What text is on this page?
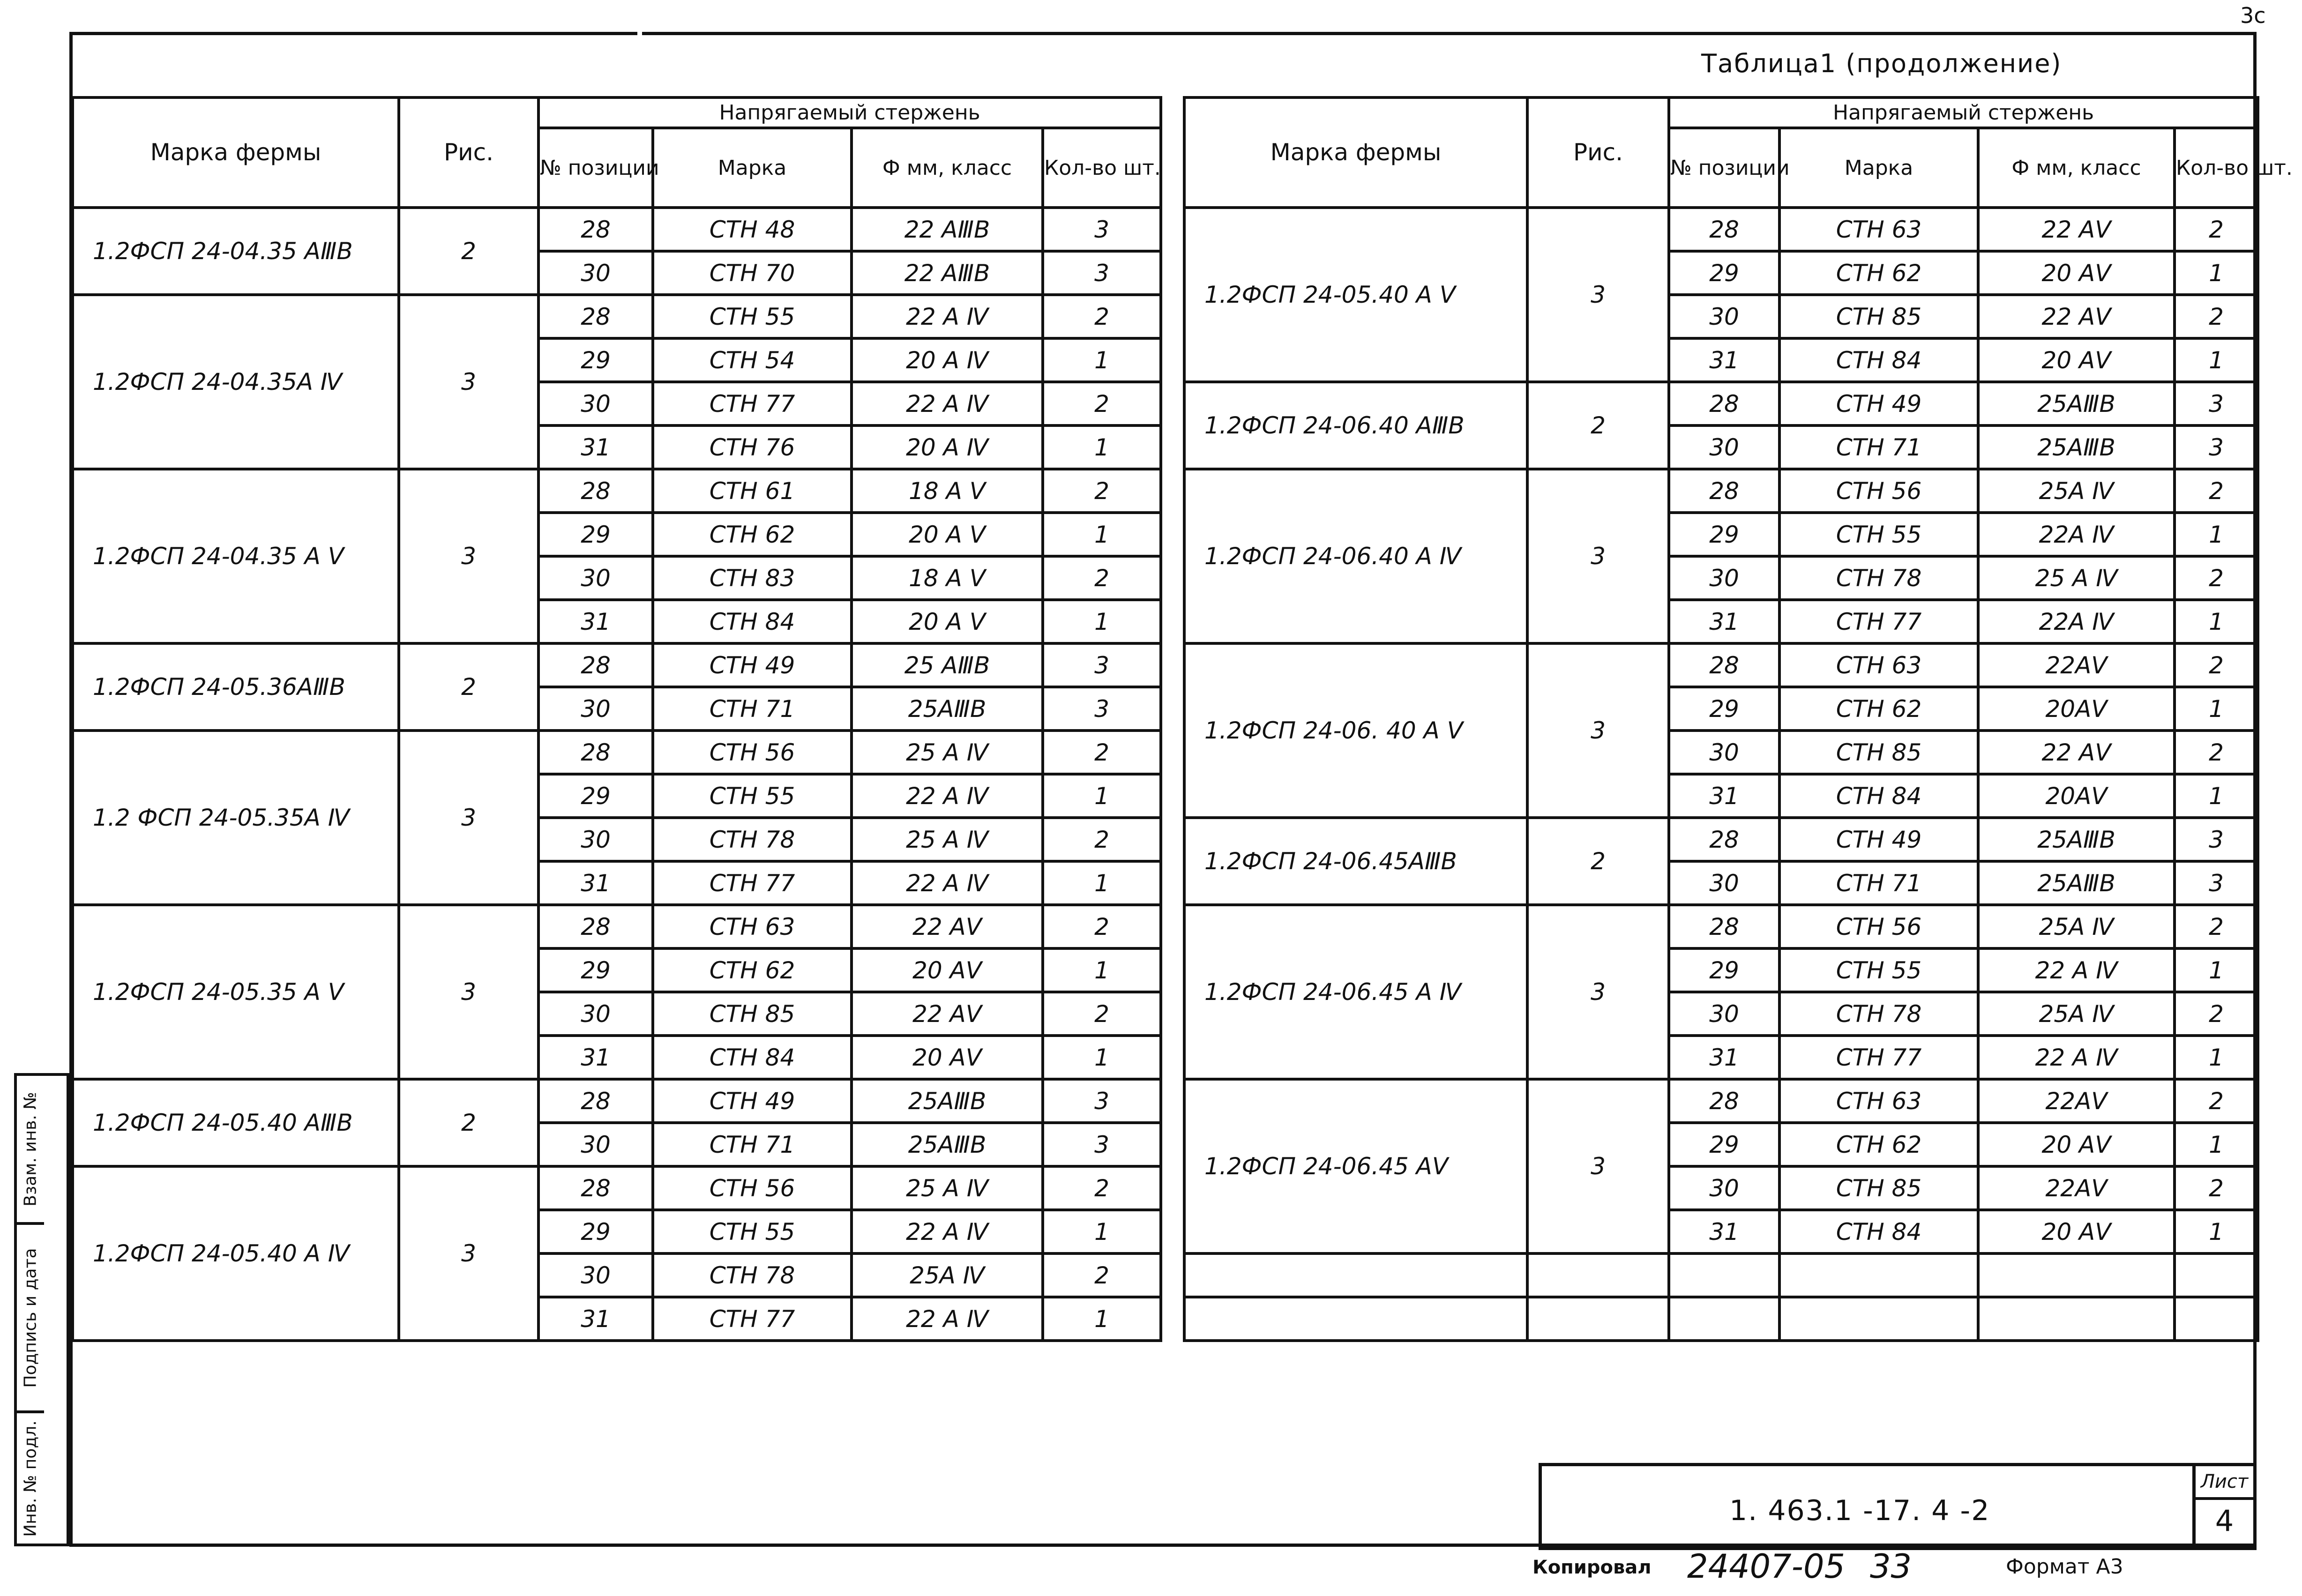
3ⅽ
Таблица1 (продолжение)
Марка фермы	Рис.	Напрягаемый стержень			
		№ позиции	Марка	Ф мм, класс	Кол-во шт.
1.2ФСП 24-04.35 АⅢВ	2	28	СТН 48	22 АⅢВ	3
		30	СТН 70	22 АⅢВ	3
1.2ФСП 24-04.35А Ⅳ	3	28	СТН 55	22 А Ⅳ	2
		29	СТН 54	20 А Ⅳ	1
		30	СТН 77	22 А Ⅳ	2
		31	СТН 76	20 А Ⅳ	1
1.2ФСП 24-04.35 А Ⅴ	3	28	СТН 61	18 А Ⅴ	2
		29	СТН 62	20 А Ⅴ	1
		30	СТН 83	18 А Ⅴ	2
		31	СТН 84	20 А Ⅴ	1
1.2ФСП 24-05.36АⅢВ	2	28	СТН 49	25 АⅢВ	3
		30	СТН 71	25АⅢВ	3
1.2 ФСП 24-05.35А Ⅳ	3	28	СТН 56	25 А Ⅳ	2
		29	СТН 55	22 А Ⅳ	1
		30	СТН 78	25 А Ⅳ	2
		31	СТН 77	22 А Ⅳ	1
1.2ФСП 24-05.35 А Ⅴ	3	28	СТН 63	22 АⅤ	2
		29	СТН 62	20 АⅤ	1
		30	СТН 85	22 АⅤ	2
		31	СТН 84	20 АⅤ	1
1.2ФСП 24-05.40 АⅢВ	2	28	СТН 49	25АⅢВ	3
		30	СТН 71	25АⅢВ	3
1.2ФСП 24-05.40 А Ⅳ	3	28	СТН 56	25 А Ⅳ	2
		29	СТН 55	22 А Ⅳ	1
		30	СТН 78	25А Ⅳ	2
		31	СТН 77	22 А Ⅳ	1
Марка фермы	Рис.	Напрягаемый стержень			
		№ позиции	Марка	Ф мм, класс	Кол-во шт.
1.2ФСП 24-05.40 А Ⅴ	3	28	СТН 63	22 АⅤ	2
		29	СТН 62	20 АⅤ	1
		30	СТН 85	22 АⅤ	2
		31	СТН 84	20 АⅤ	1
1.2ФСП 24-06.40 АⅢВ	2	28	СТН 49	25АⅢВ	3
		30	СТН 71	25АⅢВ	3
1.2ФСП 24-06.40 А Ⅳ	3	28	СТН 56	25А Ⅳ	2
		29	СТН 55	22А Ⅳ	1
		30	СТН 78	25 А Ⅳ	2
		31	СТН 77	22А Ⅳ	1
1.2ФСП 24-06. 40 А Ⅴ	3	28	СТН 63	22АⅤ	2
		29	СТН 62	20АⅤ	1
		30	СТН 85	22 АⅤ	2
		31	СТН 84	20АⅤ	1
1.2ФСП 24-06.45АⅢВ	2	28	СТН 49	25АⅢВ	3
		30	СТН 71	25АⅢВ	3
1.2ФСП 24-06.45 А Ⅳ	3	28	СТН 56	25А Ⅳ	2
		29	СТН 55	22 А Ⅳ	1
		30	СТН 78	25А Ⅳ	2
		31	СТН 77	22 А Ⅳ	1
1.2ФСП 24-06.45 АⅤ	3	28	СТН 63	22АⅤ	2
		29	СТН 62	20 АⅤ	1
		30	СТН 85	22АⅤ	2
		31	СТН 84	20 АⅤ	1

Инв. № подл.
Подпись и дата
Взам. инв. №
1. 463.1 -17. 4 -2
Лист
4
Копировал 24407-05 33	Формат А3
